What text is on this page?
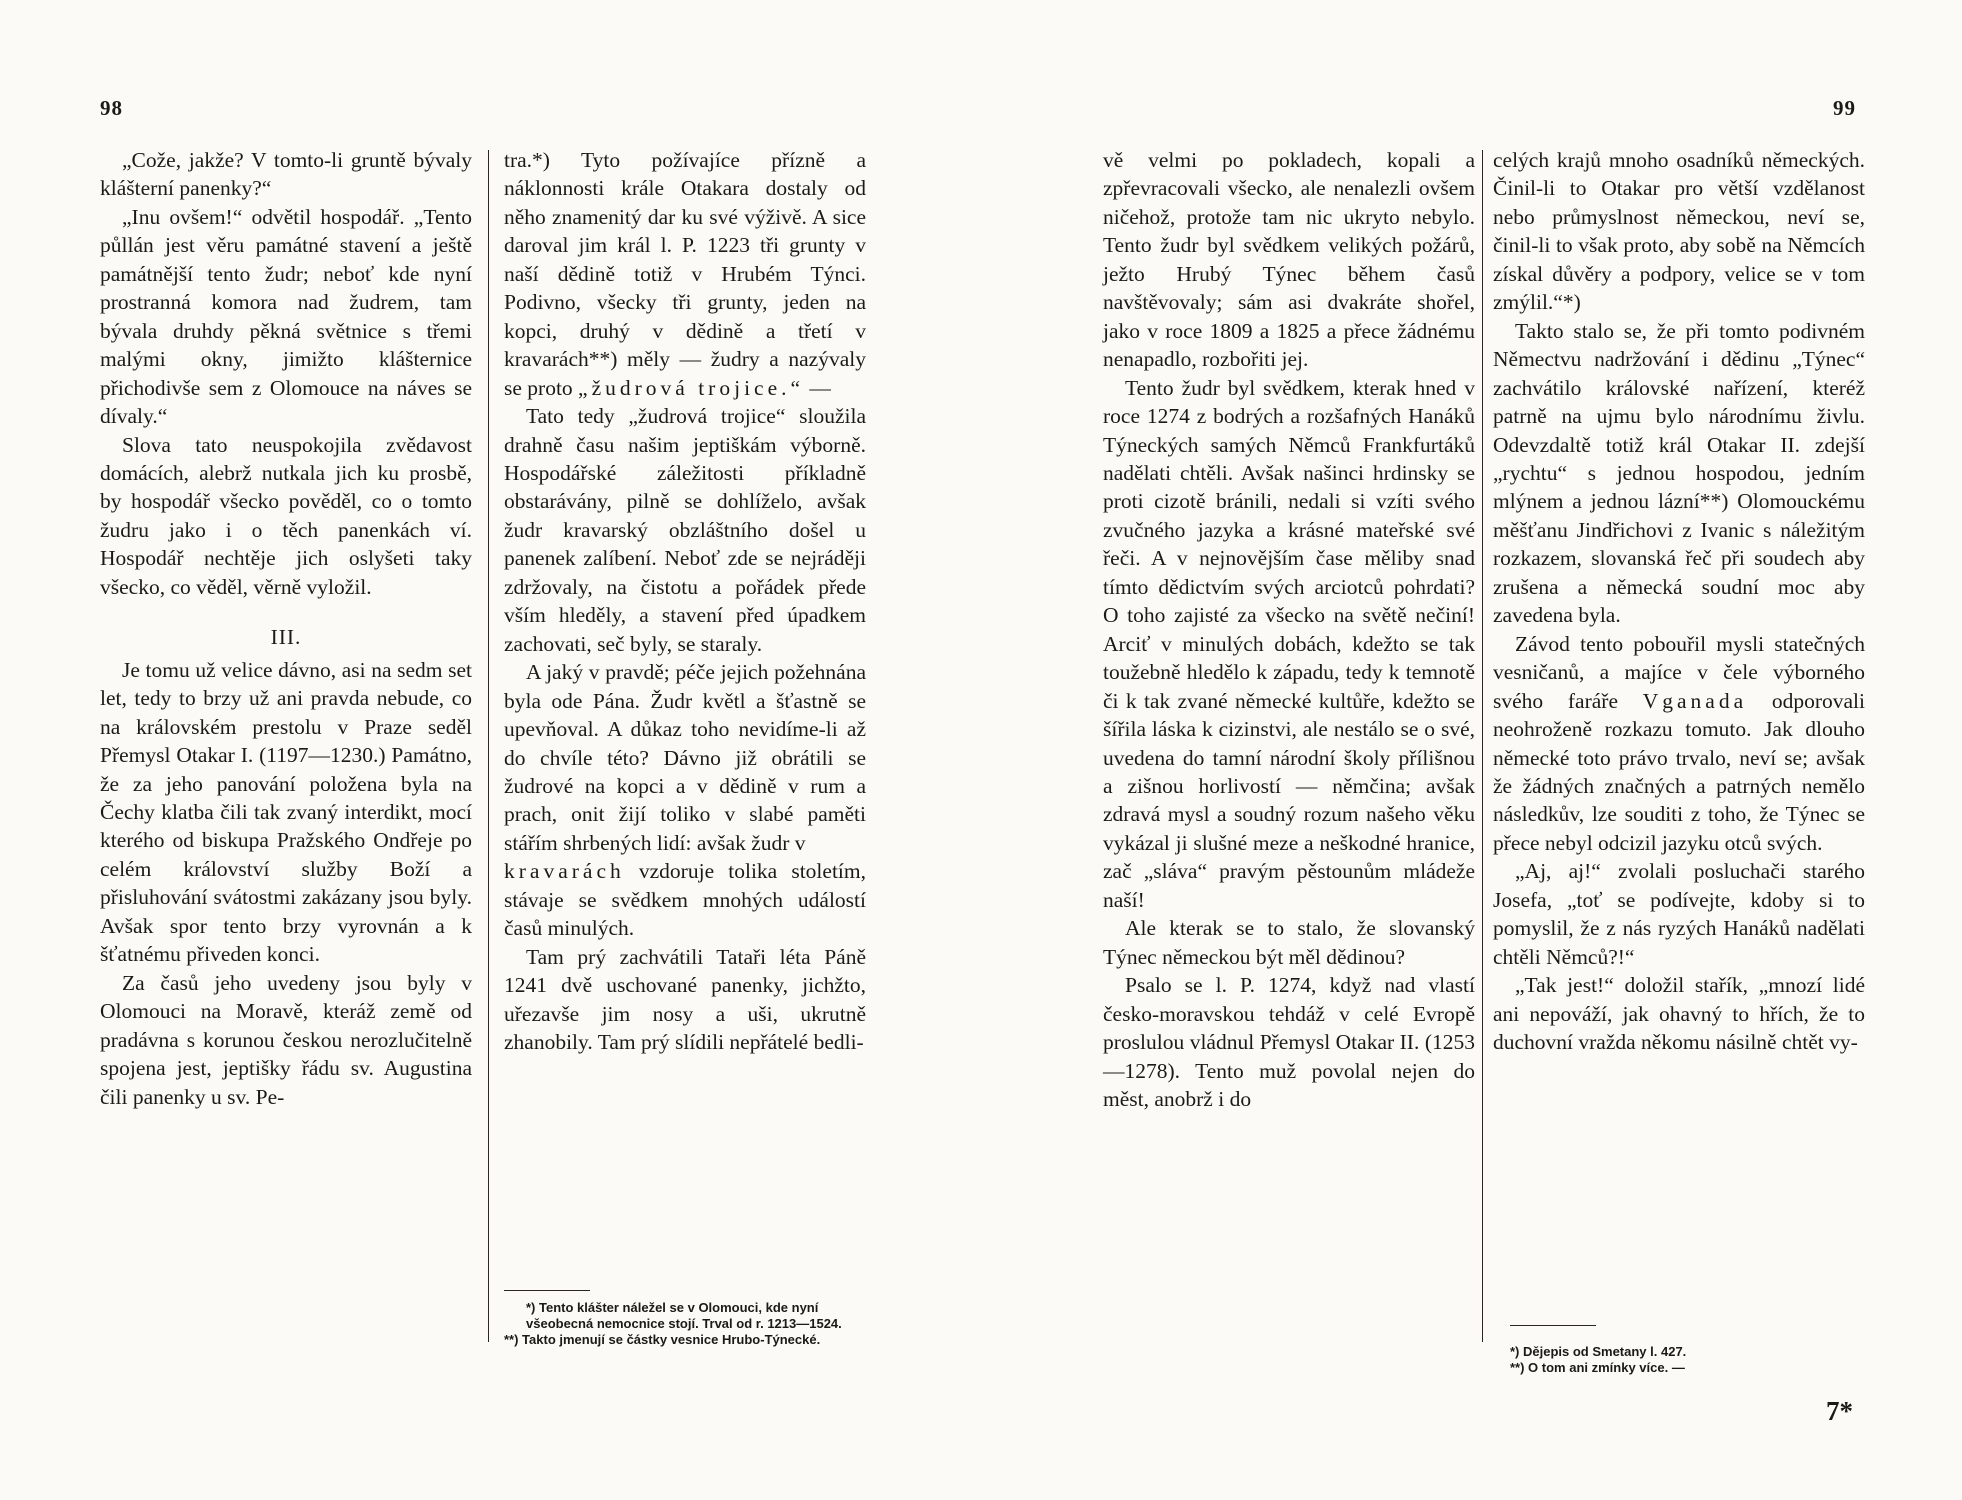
98	99

„Cože, jakže? V tomto-li gruntě bývaly klášterní panenky?“

„Inu ovšem!“ odvětil hospodář. „Tento půllán jest věru památné stavení a ještě památnější tento žudr; neboť kde nyní prostranná komora nad žudrem, tam bývala druhdy pěkná světnice s třemi malými okny, jimižto klášternice přichodivše sem z Olomouce na náves se dívaly.“

Slova tato neuspokojila zvědavost domácích, alebrž nutkala jich ku prosbě, by hospodář všecko pověděl, co o tomto žudru jako i o těch panenkách ví. Hospodář nechtěje jich oslyšeti taky všecko, co věděl, věrně vyložil.

III.

Je tomu už velice dávno, asi na sedm set let, tedy to brzy už ani pravda nebude, co na královském prestolu v Praze seděl Přemysl Otakar I. (1197—1230.) Památno, že za jeho panování položena byla na Čechy klatba čili tak zvaný interdikt, mocí kterého od biskupa Pražského Ondřeje po celém království služby Boží a přisluhování svátostmi zakázany jsou byly. Avšak spor tento brzy vyrovnán a k šťatnému přiveden konci.

Za časů jeho uvedeny jsou byly v Olomouci na Moravě, kteráž země od pradávna s korunou českou nerozlučitelně spojena jest, jeptišky řádu sv. Augustina čili panenky u sv. Pe-

tra.*) Tyto požívajíce přízně a náklonnosti krále Otakara dostaly od něho znamenitý dar ku své výživě. A sice daroval jim král l. P. 1223 tři grunty v naší dědině totiž v Hrubém Týnci. Podivno, všecky tři grunty, jeden na kopci, druhý v dědině a třetí v kravarách**) měly — žudry a nazývaly se proto „žudrová trojice.“ —

Tato tedy „žudrová trojice“ sloužila drahně času našim jeptiškám výborně. Hospodářské záležitosti příkladně obstarávány, pilně se dohlíželo, avšak žudr kravarský obzláštního došel u panenek zalíbení. Neboť zde se nejráději zdržovaly, na čistotu a pořádek přede vším hleděly, a stavení před úpadkem zachovati, seč byly, se staraly.

A jaký v pravdě; péče jejich požehnána byla ode Pána. Žudr květl a šťastně se upevňoval. A důkaz toho nevidíme-li až do chvíle této? Dávno již obrátili se žudrové na kopci a v dědině v rum a prach, onit žijí toliko v slabé paměti stářím shrbených lidí: avšak žudr v

kravarách vzdoruje tolika stoletím, stávaje se svědkem mnohých událostí časů minulých.

Tam prý zachvátili Tataři léta Páně 1241 dvě uschované panenky, jichžto, uřezavše jim nosy a uši, ukrutně zhanobily. Tam prý slídili nepřátelé bedli-

*) Tento klášter náležel se v Olomouci, kde nyní všeobecná nemocnice stojí. Trval od r. 1213—1524.

**) Takto jmenují se částky vesnice Hrubo-Týnecké.

vě velmi po pokladech, kopali a zpřevracovali všecko, ale nenalezli ovšem ničehož, protože tam nic ukryto nebylo. Tento žudr byl svědkem velikých požárů, ježto Hrubý Týnec během časů navštěvovaly; sám asi dvakráte shořel, jako v roce 1809 a 1825 a přece žádnému nenapadlo, rozbořiti jej.

Tento žudr byl svědkem, kterak hned v roce 1274 z bodrých a rozšafných Hanáků Týneckých samých Němců Frankfurtáků nadělati chtěli. Avšak našinci hrdinsky se proti cizotě bránili, nedali si vzíti svého zvučného jazyka a krásné mateřské své řeči. A v nejnovějším čase měliby snad tímto dědictvím svých arciotců pohrdati? O toho zajisté za všecko na světě nečiní! Arciť v minulých dobách, kdežto se tak toužebně hledělo k západu, tedy k temnotě či k tak zvané německé kultůře, kdežto se šířila láska k cizinstvi, ale nestálo se o své, uvedena do tamní národní školy přílišnou a zišnou horlivostí — němčina; avšak zdravá mysl a soudný rozum našeho věku vykázal ji slušné meze a neškodné hranice, zač „sláva“ pravým pěstounům mládeže naší!

Ale kterak se to stalo, že slovanský Týnec německou být měl dědinou?

Psalo se l. P. 1274, když nad vlastí česko-moravskou tehdáž v celé Evropě proslulou vládnul Přemysl Otakar II. (1253—1278). Tento muž povolal nejen do měst, anobrž i do

celých krajů mnoho osadníků německých. Činil-li to Otakar pro větší vzdělanost nebo průmyslnost německou, neví se, činil-li to však proto, aby sobě na Němcích získal důvěry a podpory, velice se v tom zmýlil.“*)

Takto stalo se, že při tomto podivném Němectvu nadržování i dědinu „Týnec“ zachvátilo královské nařízení, kteréž patrně na ujmu bylo národnímu živlu. Odevzdaltě totiž král Otakar II. zdejší „rychtu“ s jednou hospodou, jedním mlýnem a jednou lázní**) Olomouckému měšťanu Jindřichovi z Ivanic s náležitým rozkazem, slovanská řeč při soudech aby zrušena a německá soudní moc aby zavedena byla.

Závod tento pobouřil mysli statečných vesničanů, a majíce v čele výborného svého faráře Vganada odporovali neohroženě rozkazu tomuto. Jak dlouho německé toto právo trvalo, neví se; avšak že žádných značných a patrných nemělo následkův, lze souditi z toho, že Týnec se přece nebyl odcizil jazyku otců svých.

„Aj, aj!“ zvolali posluchači starého Josefa, „toť se podívejte, kdoby si to pomyslil, že z nás ryzých Hanáků nadělati chtěli Němců?!“

„Tak jest!“ doložil stařík, „mnozí lidé ani nepováží, jak ohavný to hřích, že to duchovní vražda někomu násilně chtět vy-

*) Dějepis od Smetany l. 427.

**) O tom ani zmínky více. —

7*
